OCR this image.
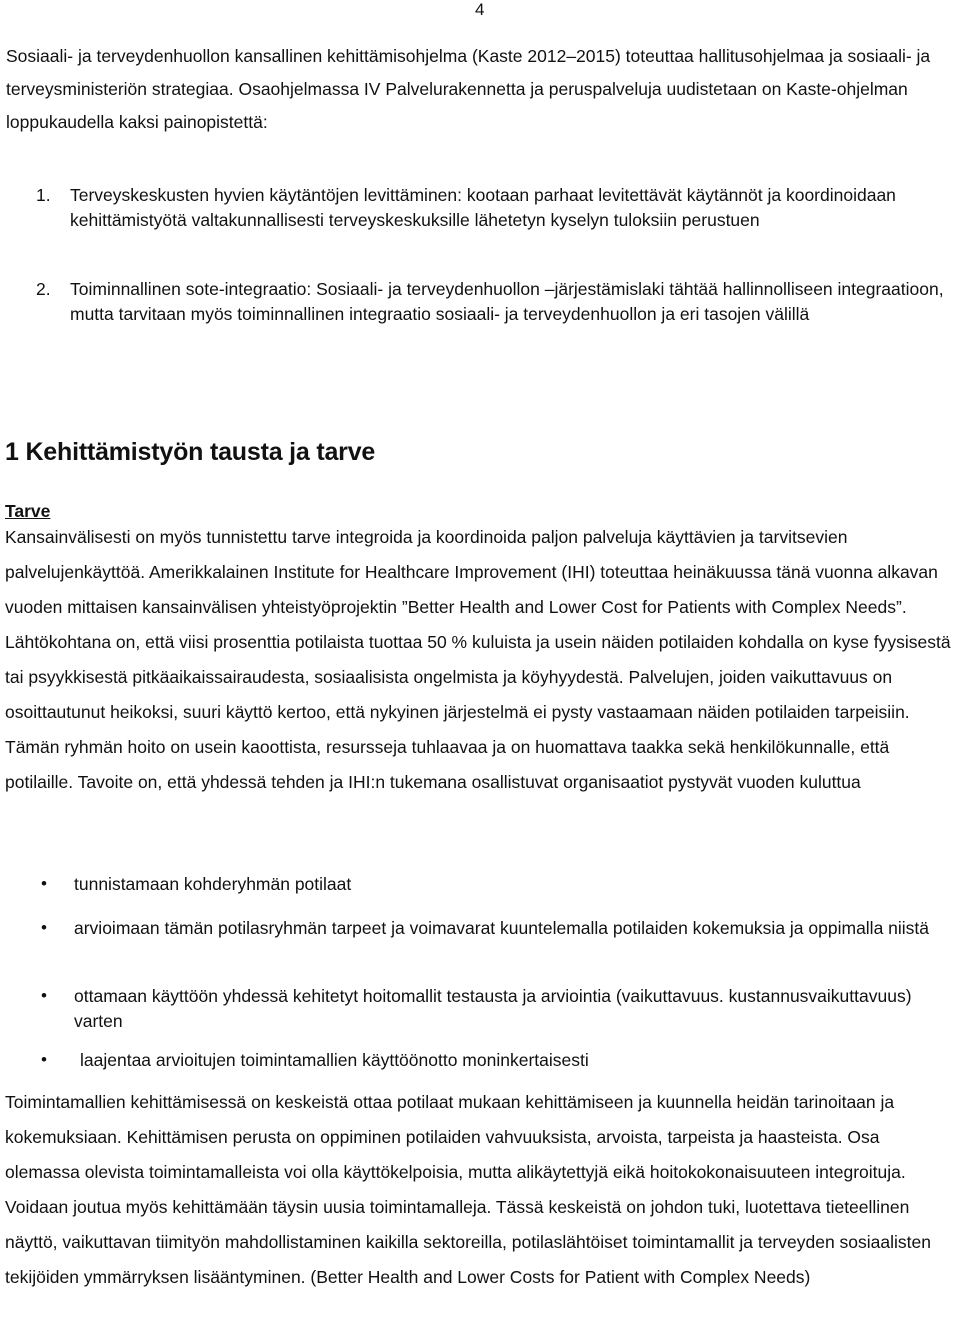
4

Sosiaali- ja terveydenhuollon kansallinen kehittämisohjelma (Kaste 2012–2015) toteuttaa hallitusohjelmaa ja sosiaali- ja terveysministeriön strategiaa. Osaohjelmassa IV Palvelurakennetta ja peruspalveluja uudistetaan on Kaste-ohjelman loppukaudella kaksi painopistettä:

1. Terveyskeskusten hyvien käytäntöjen levittäminen: kootaan parhaat levitettävät käytännöt ja koordinoidaan kehittämistyötä valtakunnallisesti terveyskeskuksille lähetetyn kyselyn tuloksiin perustuen
2. Toiminnallinen sote-integraatio: Sosiaali- ja terveydenhuollon –järjestämislaki tähtää hallinnolliseen integraatioon, mutta tarvitaan myös toiminnallinen integraatio sosiaali- ja terveydenhuollon ja eri tasojen välillä
1 Kehittämistyön tausta ja tarve
Tarve

Kansainvälisesti on myös tunnistettu tarve integroida ja koordinoida paljon palveluja käyttävien ja tarvitsevien palvelujenkäyttöä. Amerikkalainen Institute for Healthcare Improvement (IHI) toteuttaa heinäkuussa tänä vuonna alkavan vuoden mittaisen kansainvälisen yhteistyöprojektin ”Better Health and Lower Cost for Patients with Complex Needs”. Lähtökohtana on, että viisi prosenttia potilaista tuottaa 50 % kuluista ja usein näiden potilaiden kohdalla on kyse fyysisestä tai psyykkisestä pitkäaikaissairaudesta, sosiaalisista ongelmista ja köyhyydestä. Palvelujen, joiden vaikuttavuus on osoittautunut heikoksi, suuri käyttö kertoo, että nykyinen järjestelmä ei pysty vastaamaan näiden potilaiden tarpeisiin. Tämän ryhmän hoito on usein kaoottista, resursseja tuhlaavaa ja on huomattava taakka sekä henkilökunnalle, että potilaille. Tavoite on, että yhdessä tehden ja IHI:n tukemana osallistuvat organisaatiot pystyvät vuoden kuluttua

• tunnistamaan kohderyhmän potilaat
• arvioimaan tämän potilasryhmän tarpeet ja voimavarat kuuntelemalla potilaiden kokemuksia ja oppimalla niistä
• ottamaan käyttöön yhdessä kehitetyt hoitomallit testausta ja arviointia (vaikuttavuus. kustannusvaikuttavuus) varten
• laajentaa arvioitujen toimintamallien käyttöönotto moninkertaisesti

Toimintamallien kehittämisessä on keskeistä ottaa potilaat mukaan kehittämiseen ja kuunnella heidän tarinoitaan ja kokemuksiaan. Kehittämisen perusta on oppiminen potilaiden vahvuuksista, arvoista, tarpeista ja haasteista. Osa olemassa olevista toimintamalleista voi olla käyttökelpoisia, mutta alikäytettyjä eikä hoitokokonaisuuteen integroituja. Voidaan joutua myös kehittämään täysin uusia toimintamalleja. Tässä keskeistä on johdon tuki, luotettava tieteellinen näyttö, vaikuttavan tiimityön mahdollistaminen kaikilla sektoreilla, potilaslähtöiset toimintamallit ja terveyden sosiaalisten tekijöiden ymmärryksen lisääntyminen. (Better Health and Lower Costs for Patient with Complex Needs)
